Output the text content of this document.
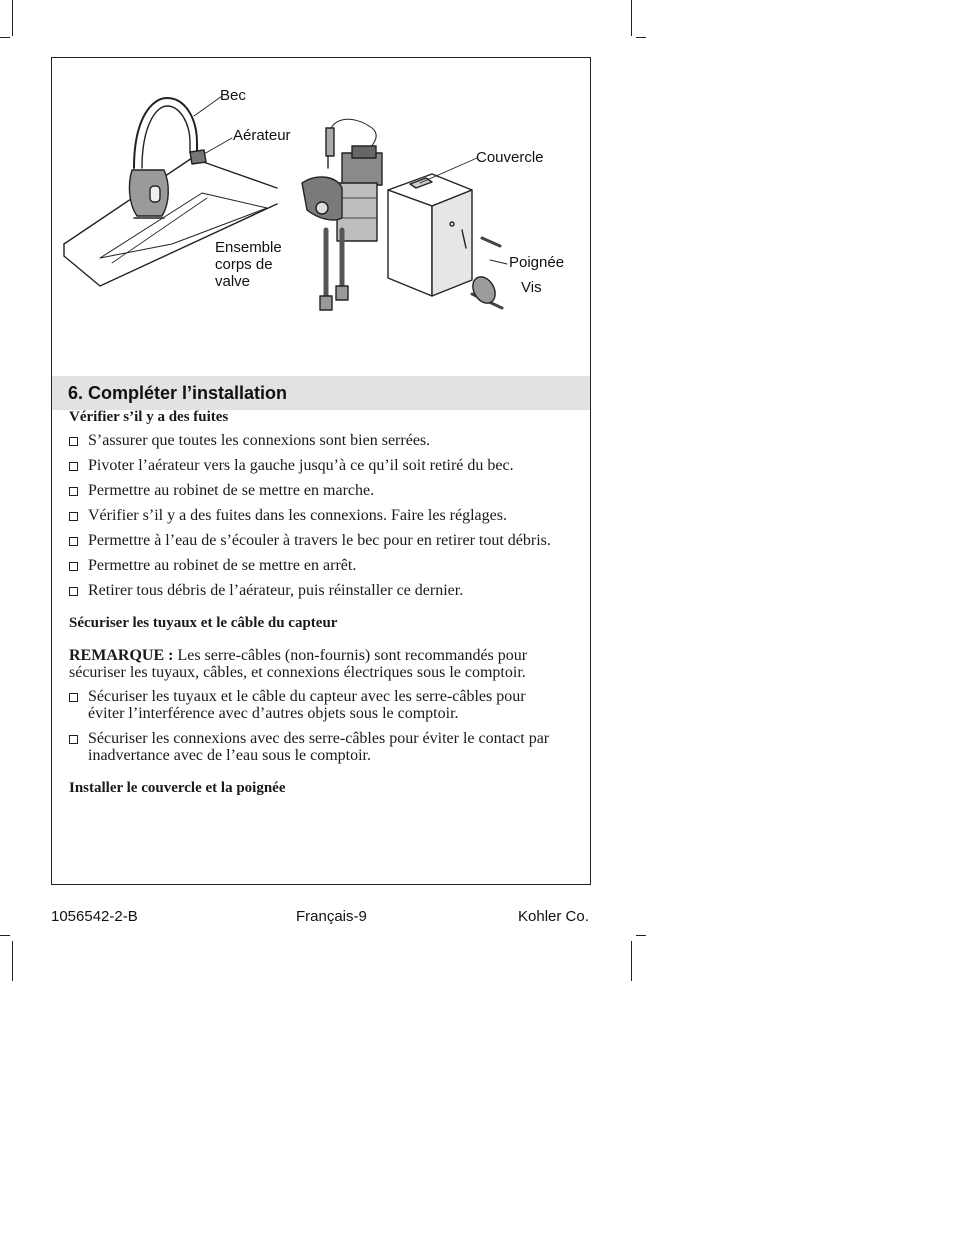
Bec
Aérateur
Couvercle
Ensemble
corps de
valve
Poignée
Vis
6. Compléter l’installation

Vérifier s’il y a des fuites

S’assurer que toutes les connexions sont bien serrées.
Pivoter l’aérateur vers la gauche jusqu’à ce qu’il soit retiré du bec.
Permettre au robinet de se mettre en marche.
Vérifier s’il y a des fuites dans les connexions. Faire les réglages.
Permettre à l’eau de s’écouler à travers le bec pour en retirer tout débris.
Permettre au robinet de se mettre en arrêt.
Retirer tous débris de l’aérateur, puis réinstaller ce dernier.

Sécuriser les tuyaux et le câble du capteur

REMARQUE : Les serre-câbles (non-fournis) sont recommandés pour sécuriser les tuyaux, câbles, et connexions électriques sous le comptoir.

Sécuriser les tuyaux et le câble du capteur avec les serre-câbles pour éviter l’interférence avec d’autres objets sous le comptoir.
Sécuriser les connexions avec des serre-câbles pour éviter le contact par inadvertance avec de l’eau sous le comptoir.

Installer le couvercle et la poignée

1056542-2-B	Français-9	Kohler Co.
